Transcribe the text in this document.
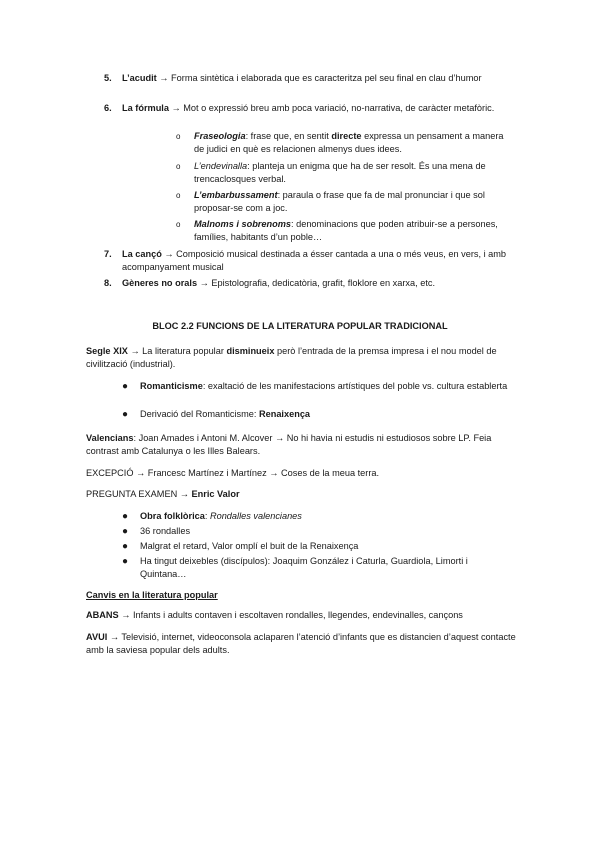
5. L’acudit → Forma sintètica i elaborada que es caracteritza pel seu final en clau d’humor
6. La fórmula → Mot o expressió breu amb poca variació, no-narrativa, de caràcter metafòric.
o Fraseologia: frase que, en sentit directe expressa un pensament a manera de judici en què es relacionen almenys dues idees.
o L’endevinalla: planteja un enigma que ha de ser resolt. És una mena de trencaclosques verbal.
o L’embarbussament: paraula o frase que fa de mal pronunciar i que sol proposar-se com a joc.
o Malnoms i sobrenoms: denominacions que poden atribuir-se a persones, famílies, habitants d’un poble…
7. La cançó → Composició musical destinada a ésser cantada a una o més veus, en vers, i amb acompanyament musical
8. Gèneres no orals → Epistolografia, dedicatòria, grafit, floklore en xarxa, etc.
BLOC 2.2 FUNCIONS DE LA LITERATURA POPULAR TRADICIONAL
Segle XIX → La literatura popular disminueix però l’entrada de la premsa impresa i el nou model de civilització (industrial).
● Romanticisme: exaltació de les manifestacions artístiques del poble vs. cultura establerta
● Derivació del Romanticisme: Renaixença
Valencians: Joan Amades i Antoni M. Alcover → No hi havia ni estudis ni estudiosos sobre LP. Feia contrast amb Catalunya o les Illes Balears.
EXCEPCIÓ → Francesc Martínez i Martínez → Coses de la meua terra.
PREGUNTA EXAMEN → Enric Valor
● Obra folklòrica: Rondalles valencianes
● 36 rondalles
● Malgrat el retard, Valor omplí el buit de la Renaixença
● Ha tingut deixebles (discípulos): Joaquim González i Caturla, Guardiola, Limorti i Quintana…
Canvis en la literatura popular
ABANS → Infants i adults contaven i escoltaven rondalles, llegendes, endevinalles, cançons
AVUI → Televisió, internet, videoconsola aclaparen l’atenció d’infants que es distancien d’aquest contacte amb la saviesa popular dels adults.
